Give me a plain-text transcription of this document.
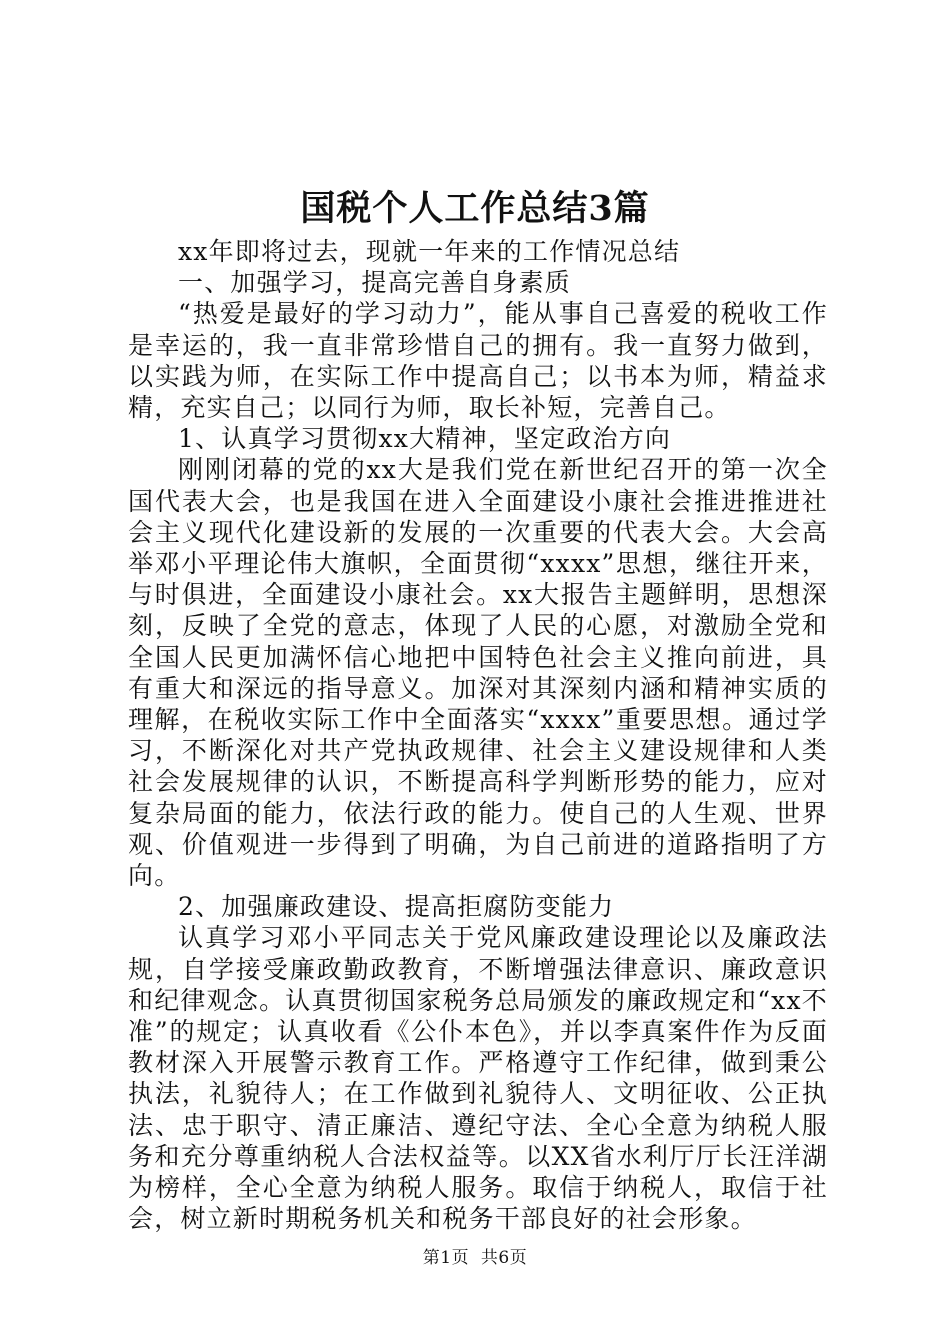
国税个人工作总结3篇

xx年即将过去，现就一年来的工作情况总结

一、加强学习，提高完善自身素质

“热爱是最好的学习动力”，能从事自己喜爱的税收工作是幸运的，我一直非常珍惜自己的拥有。我一直努力做到，以实践为师，在实际工作中提高自己；以书本为师，精益求精，充实自己；以同行为师，取长补短，完善自己。

1、认真学习贯彻xx大精神，坚定政治方向

刚刚闭幕的党的xx大是我们党在新世纪召开的第一次全国代表大会，也是我国在进入全面建设小康社会推进推进社会主义现代化建设新的发展的一次重要的代表大会。大会高举邓小平理论伟大旗帜，全面贯彻“xxxx”思想，继往开来，与时俱进，全面建设小康社会。xx大报告主题鲜明，思想深刻，反映了全党的意志，体现了人民的心愿，对激励全党和全国人民更加满怀信心地把中国特色社会主义推向前进，具有重大和深远的指导意义。加深对其深刻内涵和精神实质的理解，在税收实际工作中全面落实“xxxx”重要思想。通过学习，不断深化对共产党执政规律、社会主义建设规律和人类社会发展规律的认识，不断提高科学判断形势的能力，应对复杂局面的能力，依法行政的能力。使自己的人生观、世界观、价值观进一步得到了明确，为自己前进的道路指明了方向。

2、加强廉政建设、提高拒腐防变能力

认真学习邓小平同志关于党风廉政建设理论以及廉政法规，自学接受廉政勤政教育，不断增强法律意识、廉政意识和纪律观念。认真贯彻国家税务总局颁发的廉政规定和“xx不准”的规定；认真收看《公仆本色》，并以李真案件作为反面教材深入开展警示教育工作。严格遵守工作纪律，做到秉公执法，礼貌待人；在工作做到礼貌待人、文明征收、公正执法、忠于职守、清正廉洁、遵纪守法、全心全意为纳税人服务和充分尊重纳税人合法权益等。以XX省水利厅厅长汪洋湖为榜样，全心全意为纳税人服务。取信于纳税人，取信于社会，树立新时期税务机关和税务干部良好的社会形象。

第1页  共6页
